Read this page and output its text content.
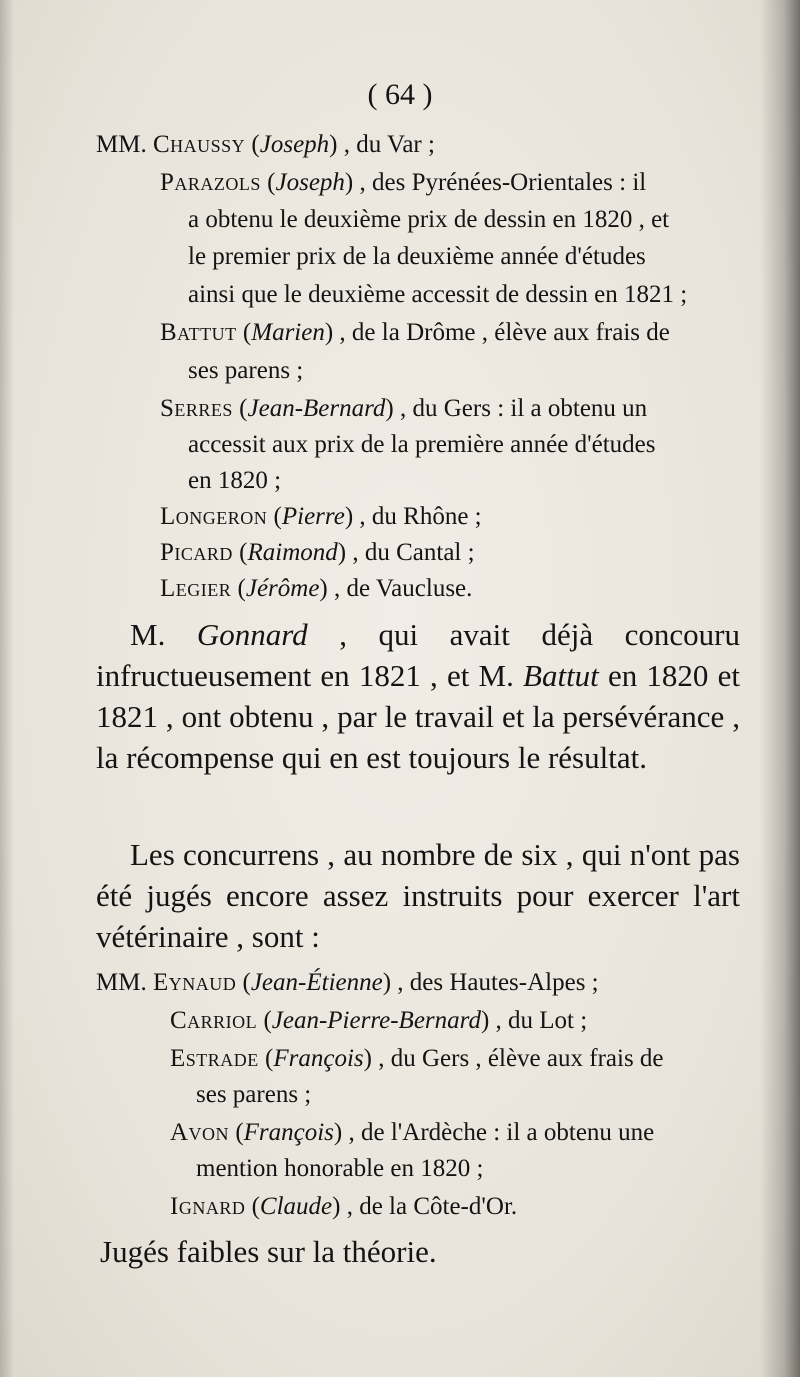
( 64 )
MM. Chaussy (Joseph) , du Var ;
Parazols (Joseph) , des Pyrénées-Orientales : il
a obtenu le deuxième prix de dessin en 1820 , et
le premier prix de la deuxième année d'études
ainsi que le deuxième accessit de dessin en 1821 ;
Battut (Marien) , de la Drôme , élève aux frais de
ses parens ;
Serres (Jean-Bernard) , du Gers : il a obtenu un
accessit aux prix de la première année d'études
en 1820 ;
Longeron (Pierre) , du Rhône ;
Picard (Raimond) , du Cantal ;
Legier (Jérôme) , de Vaucluse.
M. Gonnard , qui avait déjà concouru infructueusement en 1821 , et M. Battut en 1820 et 1821 , ont obtenu , par le travail et la persévérance , la récompense qui en est toujours le résultat.
Les concurrens , au nombre de six , qui n'ont pas été jugés encore assez instruits pour exercer l'art vétérinaire , sont :
MM. Eynaud (Jean-Étienne) , des Hautes-Alpes ;
Carriol (Jean-Pierre-Bernard) , du Lot ;
Estrade (François) , du Gers , élève aux frais de
ses parens ;
Avon (François) , de l'Ardèche : il a obtenu une
mention honorable en 1820 ;
Ignard (Claude) , de la Côte-d'Or.
Jugés faibles sur la théorie.
